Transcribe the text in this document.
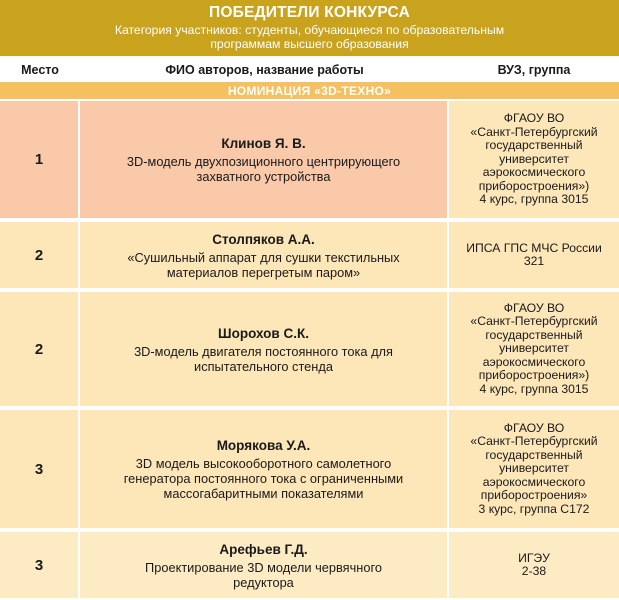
ПОБЕДИТЕЛИ КОНКУРСА
Категория участников: студенты, обучающиеся по образовательным
программам высшего образования
Место	ФИО авторов, название работы	ВУЗ, группа
НОМИНАЦИЯ «3D-ТЕХНО»
1
Клинов Я. В.
3D-модель двухпозиционного центрирующего
захватного устройства
ФГАОУ ВО
«Санкт-Петербургский
государственный
университет
аэрокосмического
приборостроения»)
4 курс, группа 3015
2
Столпяков А.А.
«Сушильный аппарат для сушки текстильных
материалов перегретым паром»
ИПСА ГПС МЧС России
321
2
Шорохов С.К.
3D-модель двигателя постоянного тока для
испытательного стенда
ФГАОУ ВО
«Санкт-Петербургский
государственный
университет
аэрокосмического
приборостроения»)
4 курс, группа 3015
3
Морякова У.А.
3D модель высокооборотного самолетного
генератора постоянного тока с ограниченными
массогабаритными показателями
ФГАОУ ВО
«Санкт-Петербургский
государственный
университет
аэрокосмического
приборостроения»
3 курс, группа С172
3
Арефьев Г.Д.
Проектирование 3D модели червячного
редуктора
ИГЭУ
2-38
